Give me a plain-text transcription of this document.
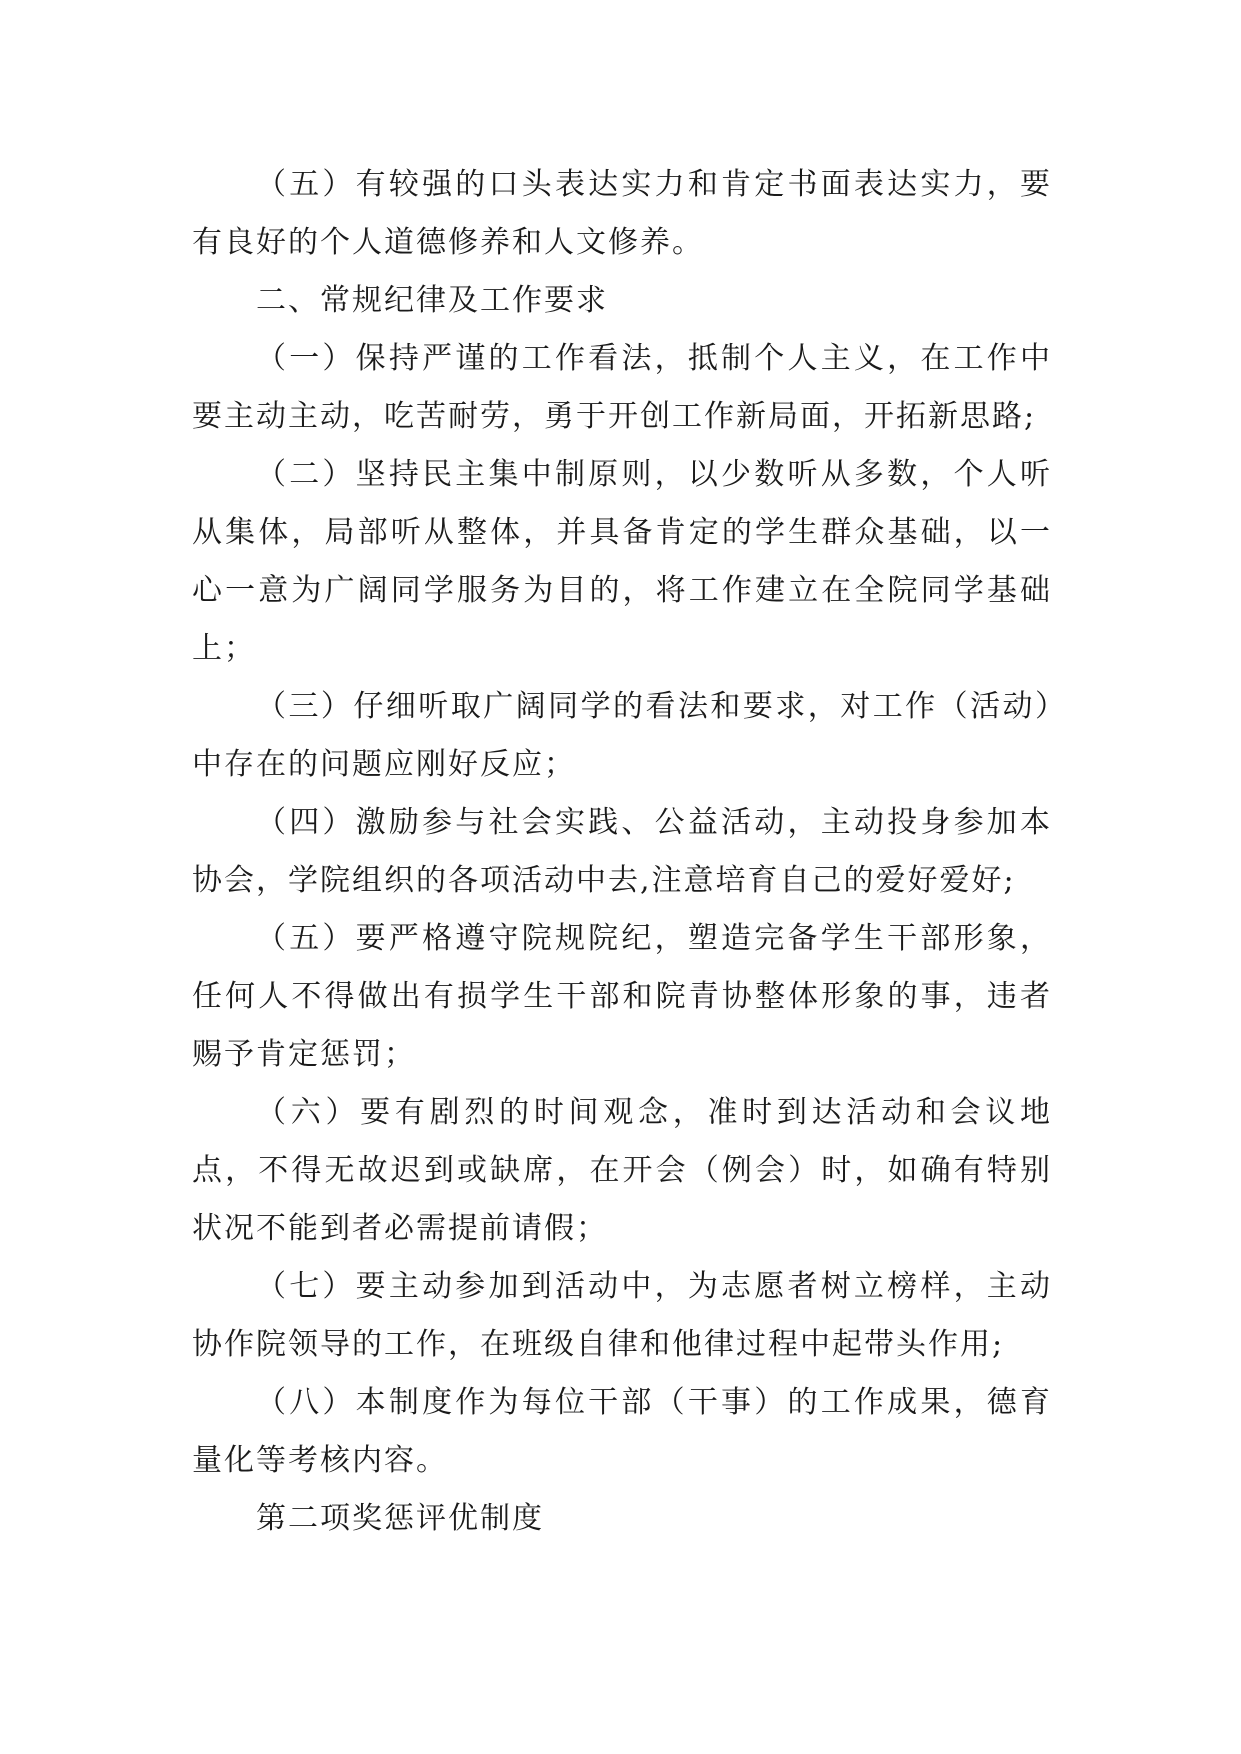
（五）有较强的口头表达实力和肯定书面表达实力，要有良好的个人道德修养和人文修养。

二、常规纪律及工作要求

（一）保持严谨的工作看法，抵制个人主义，在工作中要主动主动，吃苦耐劳，勇于开创工作新局面，开拓新思路;

（二）坚持民主集中制原则，以少数听从多数，个人听从集体，局部听从整体，并具备肯定的学生群众基础，以一心一意为广阔同学服务为目的，将工作建立在全院同学基础上；

（三）仔细听取广阔同学的看法和要求，对工作（活动）中存在的问题应刚好反应；

（四）激励参与社会实践、公益活动，主动投身参加本协会，学院组织的各项活动中去,注意培育自己的爱好爱好;

（五）要严格遵守院规院纪，塑造完备学生干部形象，任何人不得做出有损学生干部和院青协整体形象的事，违者赐予肯定惩罚；

（六）要有剧烈的时间观念，准时到达活动和会议地点，不得无故迟到或缺席，在开会（例会）时，如确有特别状况不能到者必需提前请假；

（七）要主动参加到活动中，为志愿者树立榜样，主动协作院领导的工作，在班级自律和他律过程中起带头作用;

（八）本制度作为每位干部（干事）的工作成果，德育量化等考核内容。

第二项奖惩评优制度
